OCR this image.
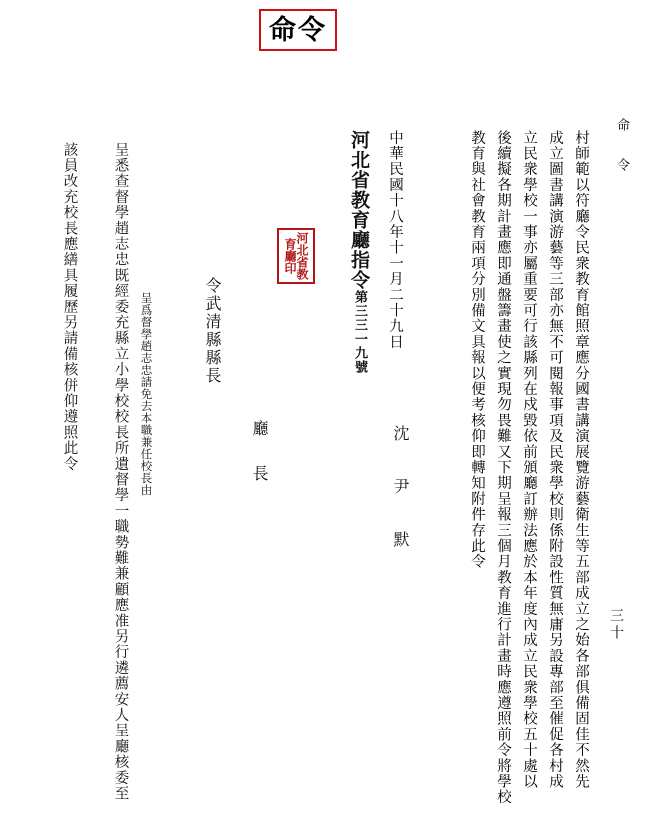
命令
命 令
三十
村師範以符廳令民衆教育館照章應分國書講演展覽游藝衛生等五部成立之始各部俱備固佳不然先
成立圖書講演游藝等三部亦無不可閱報事項及民衆學校則係附設性質無庸另設專部至催促各村成
立民衆學校一事亦屬重要可行該縣列在戍毀依前頒廳訂辦法應於本年度內成立民衆學校五十處以
後續擬各期計畫應即通盤籌畫使之實現勿畏難又下期呈報三個月教育進行計畫時應遵照前令將學校
教育與社會教育兩項分別備文具報以便考核仰即轉知附件存此令
中華民國十八年十一月二十九日
河北省教育廳指令第三三一九號
河北省教育廳印
令武清縣縣長
廳 長	沈 尹 默
呈悉查督學趙志忠既經委充縣立小學校校長所遺督學一職勢難兼顧應准另行遴薦安人呈廳核委至
該員改充校長應繕具履歷另請備核併仰遵照此令	呈爲督學趙志忠請免去本職兼任校長由
